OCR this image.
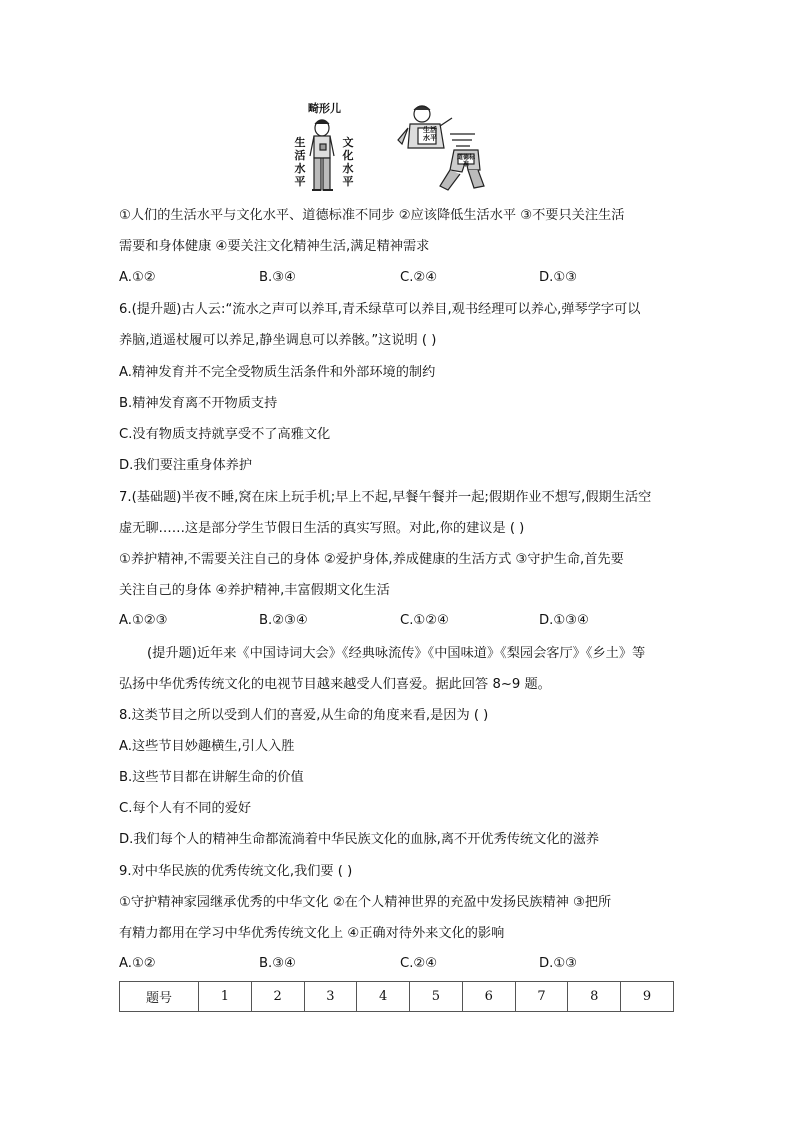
畸形儿
生活水平
文化水平
生活水平
道德标准
①人们的生活水平与文化水平、道德标准不同步 ②应该降低生活水平 ③不要只关注生活
需要和身体健康 ④要关注文化精神生活,满足精神需求
A.①②	B.③④	C.②④	D.①③
6.(提升题)古人云:“流水之声可以养耳,青禾绿草可以养目,观书经理可以养心,弹琴学字可以
养脑,逍遥杖履可以养足,静坐调息可以养骸。”这说明 ( )
A.精神发育并不完全受物质生活条件和外部环境的制约
B.精神发育离不开物质支持
C.没有物质支持就享受不了高雅文化
D.我们要注重身体养护
7.(基础题)半夜不睡,窝在床上玩手机;早上不起,早餐午餐并一起;假期作业不想写,假期生活空
虚无聊……这是部分学生节假日生活的真实写照。对此,你的建议是 ( )
①养护精神,不需要关注自己的身体 ②爱护身体,养成健康的生活方式 ③守护生命,首先要
关注自己的身体 ④养护精神,丰富假期文化生活
A.①②③	B.②③④	C.①②④	D.①③④
(提升题)近年来《中国诗词大会》《经典咏流传》《中国味道》《梨园会客厅》《乡土》等
弘扬中华优秀传统文化的电视节目越来越受人们喜爱。据此回答 8~9 题。
8.这类节目之所以受到人们的喜爱,从生命的角度来看,是因为 ( )
A.这些节目妙趣横生,引人入胜
B.这些节目都在讲解生命的价值
C.每个人有不同的爱好
D.我们每个人的精神生命都流淌着中华民族文化的血脉,离不开优秀传统文化的滋养
9.对中华民族的优秀传统文化,我们要 ( )
①守护精神家园继承优秀的中华文化 ②在个人精神世界的充盈中发扬民族精神 ③把所
有精力都用在学习中华优秀传统文化上 ④正确对待外来文化的影响
A.①②	B.③④	C.②④	D.①③
题号	1	2	3	4	5	6	7	8	9
